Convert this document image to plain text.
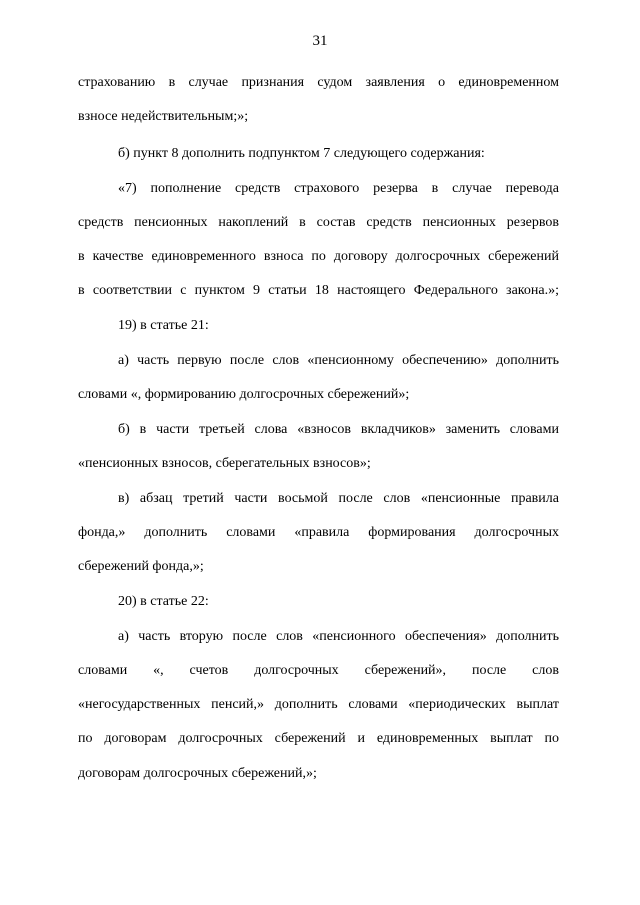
31
страхованию в случае признания судом заявления о единовременном
взносе недействительным;»;
б) пункт 8 дополнить подпунктом 7 следующего содержания:
«7) пополнение средств страхового резерва в случае перевода
средств пенсионных накоплений в состав средств пенсионных резервов
в качестве единовременного взноса по договору долгосрочных сбережений
в соответствии с пунктом 9 статьи 18 настоящего Федерального закона.»;
19) в статье 21:
а) часть первую после слов «пенсионному обеспечению» дополнить
словами «, формированию долгосрочных сбережений»;
б) в части третьей слова «взносов вкладчиков» заменить словами
«пенсионных взносов, сберегательных взносов»;
в) абзац третий части восьмой после слов «пенсионные правила
фонда,» дополнить словами «правила формирования долгосрочных
сбережений фонда,»;
20) в статье 22:
а) часть вторую после слов «пенсионного обеспечения» дополнить
словами «, счетов долгосрочных сбережений», после слов
«негосударственных пенсий,» дополнить словами «периодических выплат
по договорам долгосрочных сбережений и единовременных выплат по
договорам долгосрочных сбережений,»;
